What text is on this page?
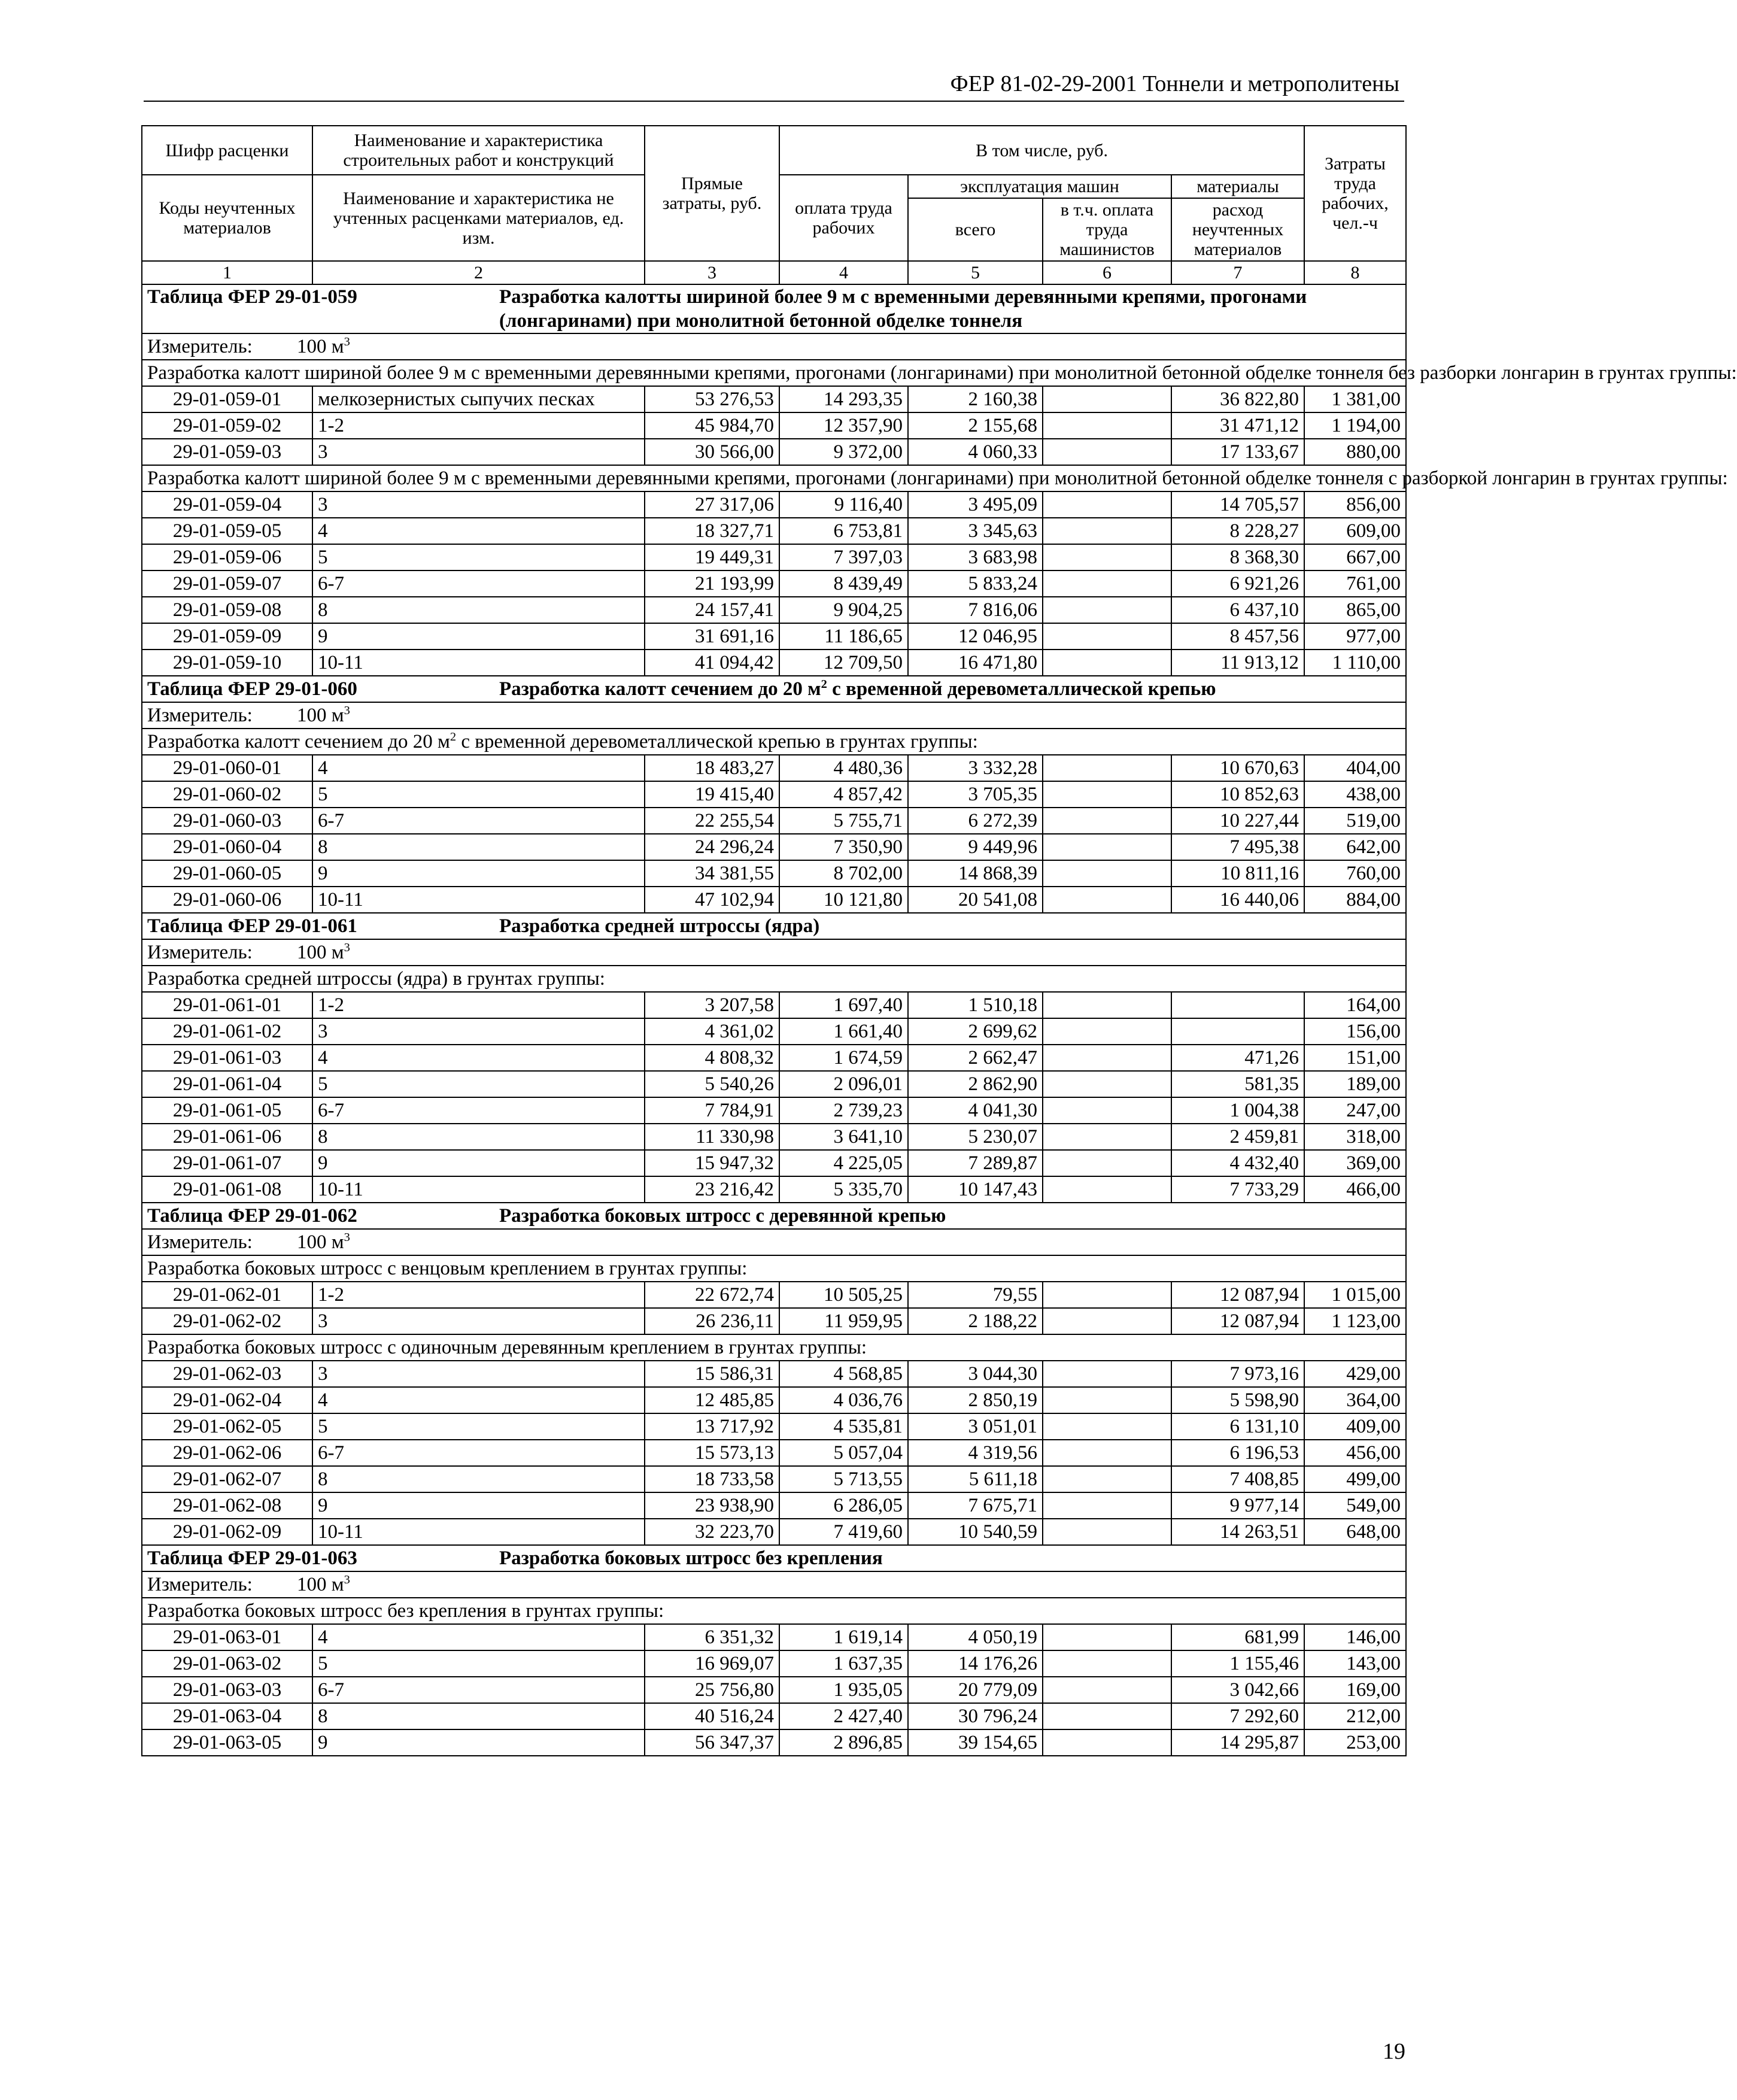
ФЕР 81-02-29-2001 Тоннели и метрополитены
Шифр расценки	Наименование и характеристика строительных работ и конструкций	Прямые затраты, руб.	В том числе, руб.				Затраты труда рабочих, чел.-ч
Коды неучтенных материалов	Наименование и характеристика не учтенных расценками материалов, ед. изм.		оплата труда рабочих	эксплуатация машин		материалы	
				всего	в т.ч. оплата труда машинистов	расход неучтенных материалов	

1	2	3	4	5	6	7	8
Таблица ФЕР 29-01-059 Разработка калотты шириной более 9 м с временными деревянными крепями, прогонами (лонгаринами) при монолитной бетонной обделке тоннеля							
Измеритель: 100 $м^3$
Разработка калотт шириной более 9 м с временными деревянными крепями, прогонами (лонгаринами) при монолитной бетонной обделке тоннеля без разборки лонгарин в грунтах группы:							
29-01-059-01	мелкозернистых сыпучих песках	53 276,53	14 293,35	2 160,38		36 822,80	1 381,00
29-01-059-02	1-2	45 984,70	12 357,90	2 155,68		31 471,12	1 194,00
29-01-059-03	3	30 566,00	9 372,00	4 060,33		17 133,67	880,00
Разработка калотт шириной более 9 м с временными деревянными крепями, прогонами (лонгаринами) при монолитной бетонной обделке тоннеля с разборкой лонгарин в грунтах группы:							
29-01-059-04	3	27 317,06	9 116,40	3 495,09		14 705,57	856,00
29-01-059-05	4	18 327,71	6 753,81	3 345,63		8 228,27	609,00
29-01-059-06	5	19 449,31	7 397,03	3 683,98		8 368,30	667,00
29-01-059-07	6-7	21 193,99	8 439,49	5 833,24		6 921,26	761,00
29-01-059-08	8	24 157,41	9 904,25	7 816,06		6 437,10	865,00
29-01-059-09	9	31 691,16	11 186,65	12 046,95		8 457,56	977,00
29-01-059-10	10-11	41 094,42	12 709,50	16 471,80		11 913,12	1 110,00
Таблица ФЕР 29-01-060 Разработка калотт сечением до 20 $м^2$ с временной деревометаллической крепью							
Измеритель: 100 $м^3$
Разработка калотт сечением до 20 $м^2$ с временной деревометаллической крепью в грунтах группы:							
29-01-060-01	4	18 483,27	4 480,36	3 332,28		10 670,63	404,00
29-01-060-02	5	19 415,40	4 857,42	3 705,35		10 852,63	438,00
29-01-060-03	6-7	22 255,54	5 755,71	6 272,39		10 227,44	519,00
29-01-060-04	8	24 296,24	7 350,90	9 449,96		7 495,38	642,00
29-01-060-05	9	34 381,55	8 702,00	14 868,39		10 811,16	760,00
29-01-060-06	10-11	47 102,94	10 121,80	20 541,08		16 440,06	884,00
Таблица ФЕР 29-01-061 Разработка средней штроссы (ядра)							
Измеритель: 100 $м^3$
Разработка средней штроссы (ядра) в грунтах группы:							
29-01-061-01	1-2	3 207,58	1 697,40	1 510,18			164,00
29-01-061-02	3	4 361,02	1 661,40	2 699,62			156,00
29-01-061-03	4	4 808,32	1 674,59	2 662,47		471,26	151,00
29-01-061-04	5	5 540,26	2 096,01	2 862,90		581,35	189,00
29-01-061-05	6-7	7 784,91	2 739,23	4 041,30		1 004,38	247,00
29-01-061-06	8	11 330,98	3 641,10	5 230,07		2 459,81	318,00
29-01-061-07	9	15 947,32	4 225,05	7 289,87		4 432,40	369,00
29-01-061-08	10-11	23 216,42	5 335,70	10 147,43		7 733,29	466,00
Таблица ФЕР 29-01-062 Разработка боковых штросс с деревянной крепью							
Измеритель: 100 $м^3$
Разработка боковых штросс с венцовым креплением в грунтах группы:							
29-01-062-01	1-2	22 672,74	10 505,25	79,55		12 087,94	1 015,00
29-01-062-02	3	26 236,11	11 959,95	2 188,22		12 087,94	1 123,00
Разработка боковых штросс с одиночным деревянным креплением в грунтах группы:							
29-01-062-03	3	15 586,31	4 568,85	3 044,30		7 973,16	429,00
29-01-062-04	4	12 485,85	4 036,76	2 850,19		5 598,90	364,00
29-01-062-05	5	13 717,92	4 535,81	3 051,01		6 131,10	409,00
29-01-062-06	6-7	15 573,13	5 057,04	4 319,56		6 196,53	456,00
29-01-062-07	8	18 733,58	5 713,55	5 611,18		7 408,85	499,00
29-01-062-08	9	23 938,90	6 286,05	7 675,71		9 977,14	549,00
29-01-062-09	10-11	32 223,70	7 419,60	10 540,59		14 263,51	648,00
Таблица ФЕР 29-01-063 Разработка боковых штросс без крепления							
Измеритель: 100 $м^3$
Разработка боковых штросс без крепления в грунтах группы:							
29-01-063-01	4	6 351,32	1 619,14	4 050,19		681,99	146,00
29-01-063-02	5	16 969,07	1 637,35	14 176,26		1 155,46	143,00
29-01-063-03	6-7	25 756,80	1 935,05	20 779,09		3 042,66	169,00
29-01-063-04	8	40 516,24	2 427,40	30 796,24		7 292,60	212,00
29-01-063-05	9	56 347,37	2 896,85	39 154,65		14 295,87	253,00
19
